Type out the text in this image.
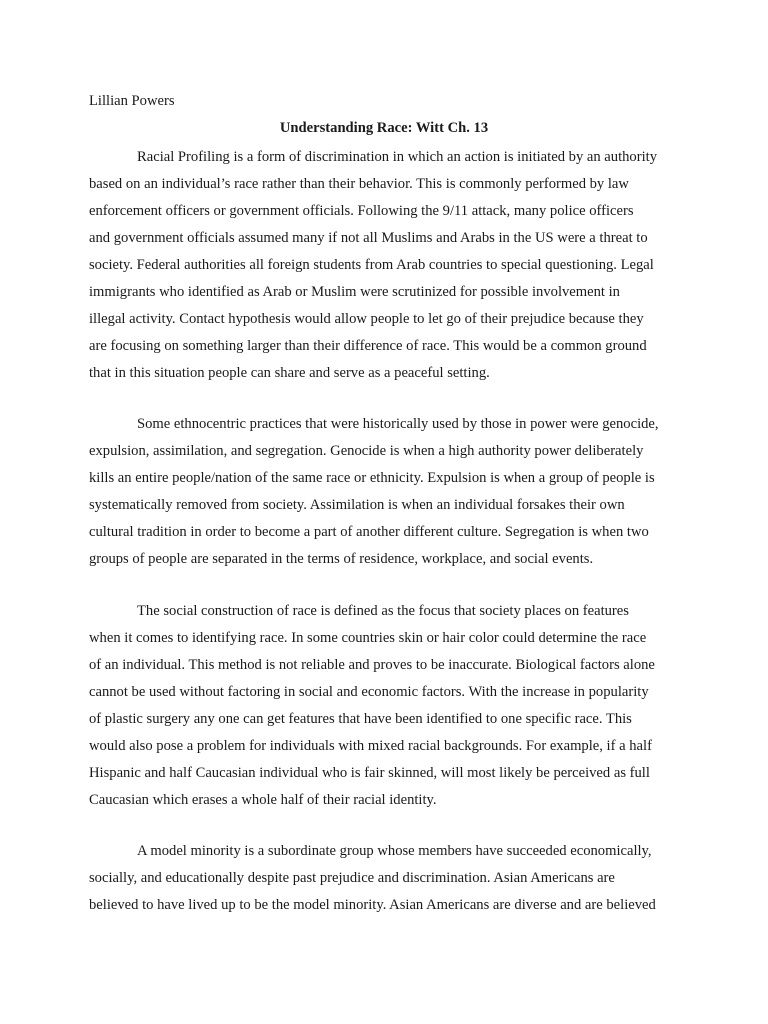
Lillian Powers
Understanding Race: Witt Ch. 13
Racial Profiling is a form of discrimination in which an action is initiated by an authority
based on an individual’s race rather than their behavior. This is commonly performed by law
enforcement officers or government officials. Following the 9/11 attack, many police officers
and government officials assumed many if not all Muslims and Arabs in the US were a threat to
society. Federal authorities all foreign students from Arab countries to special questioning. Legal
immigrants who identified as Arab or Muslim were scrutinized for possible involvement in
illegal activity. Contact hypothesis would allow people to let go of their prejudice because they
are focusing on something larger than their difference of race. This would be a common ground
that in this situation people can share and serve as a peaceful setting.
Some ethnocentric practices that were historically used by those in power were genocide,
expulsion, assimilation, and segregation. Genocide is when a high authority power deliberately
kills an entire people/nation of the same race or ethnicity. Expulsion is when a group of people is
systematically removed from society. Assimilation is when an individual forsakes their own
cultural tradition in order to become a part of another different culture. Segregation is when two
groups of people are separated in the terms of residence, workplace, and social events.
The social construction of race is defined as the focus that society places on features
when it comes to identifying race. In some countries skin or hair color could determine the race
of an individual. This method is not reliable and proves to be inaccurate. Biological factors alone
cannot be used without factoring in social and economic factors. With the increase in popularity
of plastic surgery any one can get features that have been identified to one specific race. This
would also pose a problem for individuals with mixed racial backgrounds. For example, if a half
Hispanic and half Caucasian individual who is fair skinned, will most likely be perceived as full
Caucasian which erases a whole half of their racial identity.
A model minority is a subordinate group whose members have succeeded economically,
socially, and educationally despite past prejudice and discrimination. Asian Americans are
believed to have lived up to be the model minority. Asian Americans are diverse and are believed
